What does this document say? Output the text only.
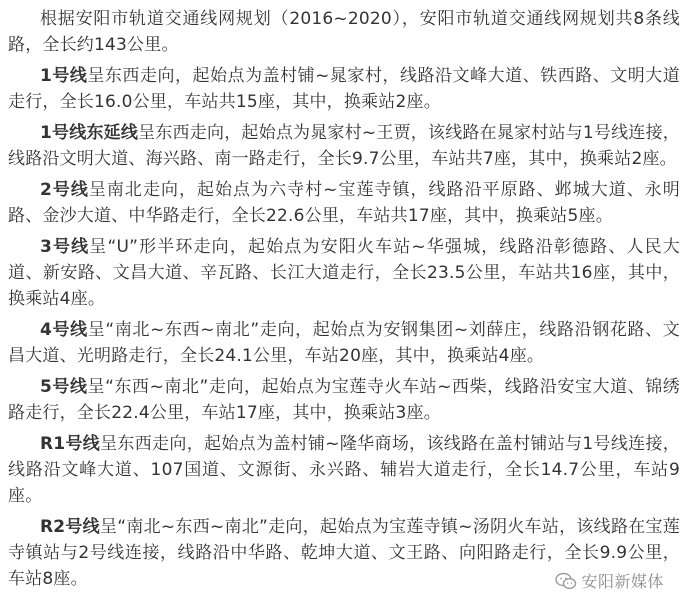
根据安阳市轨道交通线网规划（2016~2020），安阳市轨道交通线网规划共8条线路，全长约143公里。

1号线呈东西走向，起始点为盖村铺~晁家村，线路沿文峰大道、铁西路、文明大道走行，全长16.0公里，车站共15座，其中，换乘站2座。

1号线东延线呈东西走向，起始点为晁家村~王贾，该线路在晁家村站与1号线连接，线路沿文明大道、海兴路、南一路走行，全长9.7公里，车站共7座，其中，换乘站2座。

2号线呈南北走向，起始点为六寺村~宝莲寺镇，线路沿平原路、邺城大道、永明路、金沙大道、中华路走行，全长22.6公里，车站共17座，其中，换乘站5座。

3号线呈“U”形半环走向，起始点为安阳火车站~华强城，线路沿彰德路、人民大道、新安路、文昌大道、辛瓦路、长江大道走行，全长23.5公里，车站共16座，其中，换乘站4座。

4号线呈“南北~东西~南北”走向，起始点为安钢集团~刘薛庄，线路沿钢花路、文昌大道、光明路走行，全长24.1公里，车站20座，其中，换乘站4座。

5号线呈“东西~南北”走向，起始点为宝莲寺火车站~西柴，线路沿安宝大道、锦绣路走行，全长22.4公里，车站17座，其中，换乘站3座。

R1号线呈东西走向，起始点为盖村铺~隆华商场，该线路在盖村铺站与1号线连接，线路沿文峰大道、107国道、文源街、永兴路、辅岩大道走行，全长14.7公里，车站9座。

R2号线呈“南北~东西~南北”走向，起始点为宝莲寺镇~汤阴火车站，该线路在宝莲寺镇站与2号线连接，线路沿中华路、乾坤大道、文王路、向阳路走行，全长9.9公里，车站8座。	安阳新媒体
